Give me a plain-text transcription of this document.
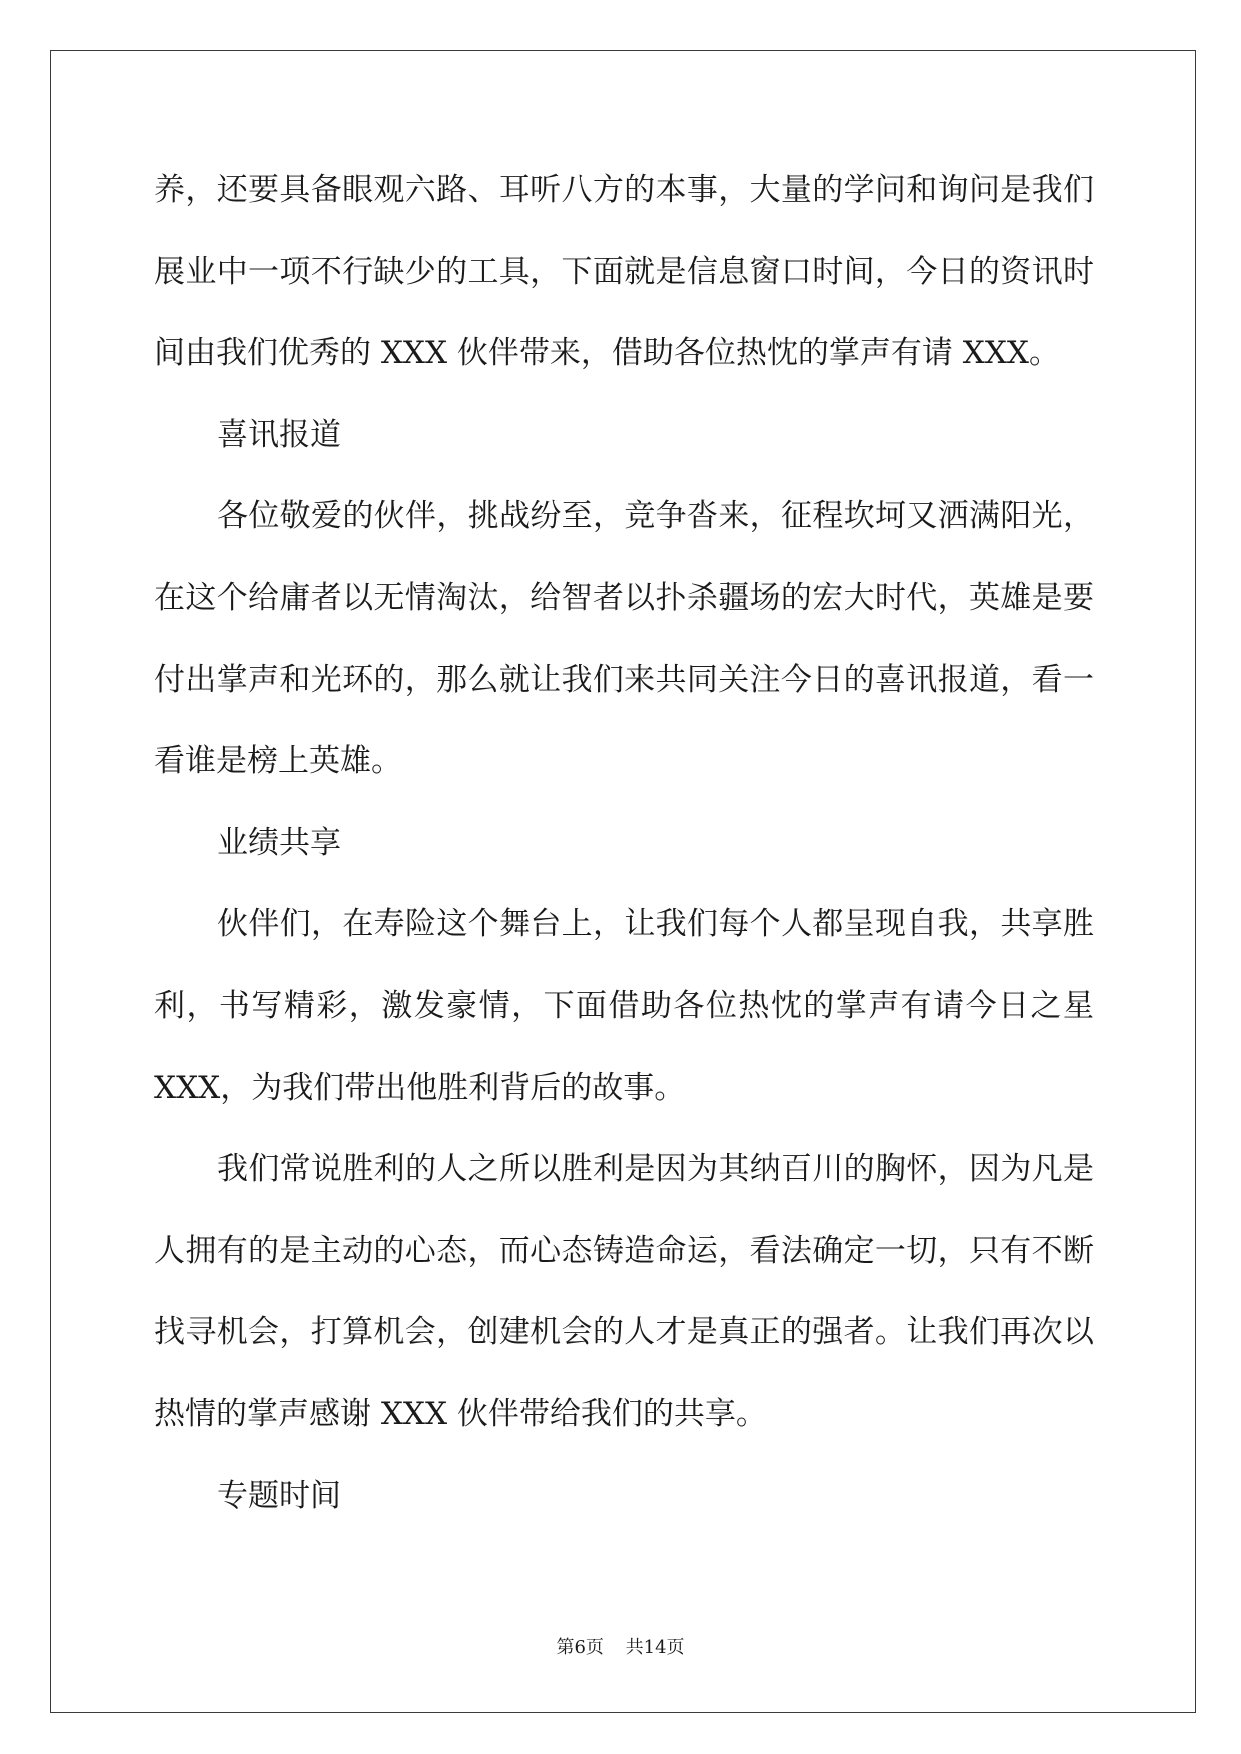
养，还要具备眼观六路、耳听八方的本事，大量的学问和询问是我们
展业中一项不行缺少的工具，下面就是信息窗口时间，今日的资讯时
间由我们优秀的 XXX 伙伴带来，借助各位热忱的掌声有请 XXX。
喜讯报道
各位敬爱的伙伴，挑战纷至，竞争沓来，征程坎坷又洒满阳光，
在这个给庸者以无情淘汰，给智者以扑杀疆场的宏大时代，英雄是要
付出掌声和光环的，那么就让我们来共同关注今日的喜讯报道，看一
看谁是榜上英雄。
业绩共享
伙伴们，在寿险这个舞台上，让我们每个人都呈现自我，共享胜
利，书写精彩，激发豪情，下面借助各位热忱的掌声有请今日之星
XXX，为我们带出他胜利背后的故事。
我们常说胜利的人之所以胜利是因为其纳百川的胸怀，因为凡是
人拥有的是主动的心态，而心态铸造命运，看法确定一切，只有不断
找寻机会，打算机会，创建机会的人才是真正的强者。让我们再次以
热情的掌声感谢 XXX 伙伴带给我们的共享。
专题时间
第6页 共14页
